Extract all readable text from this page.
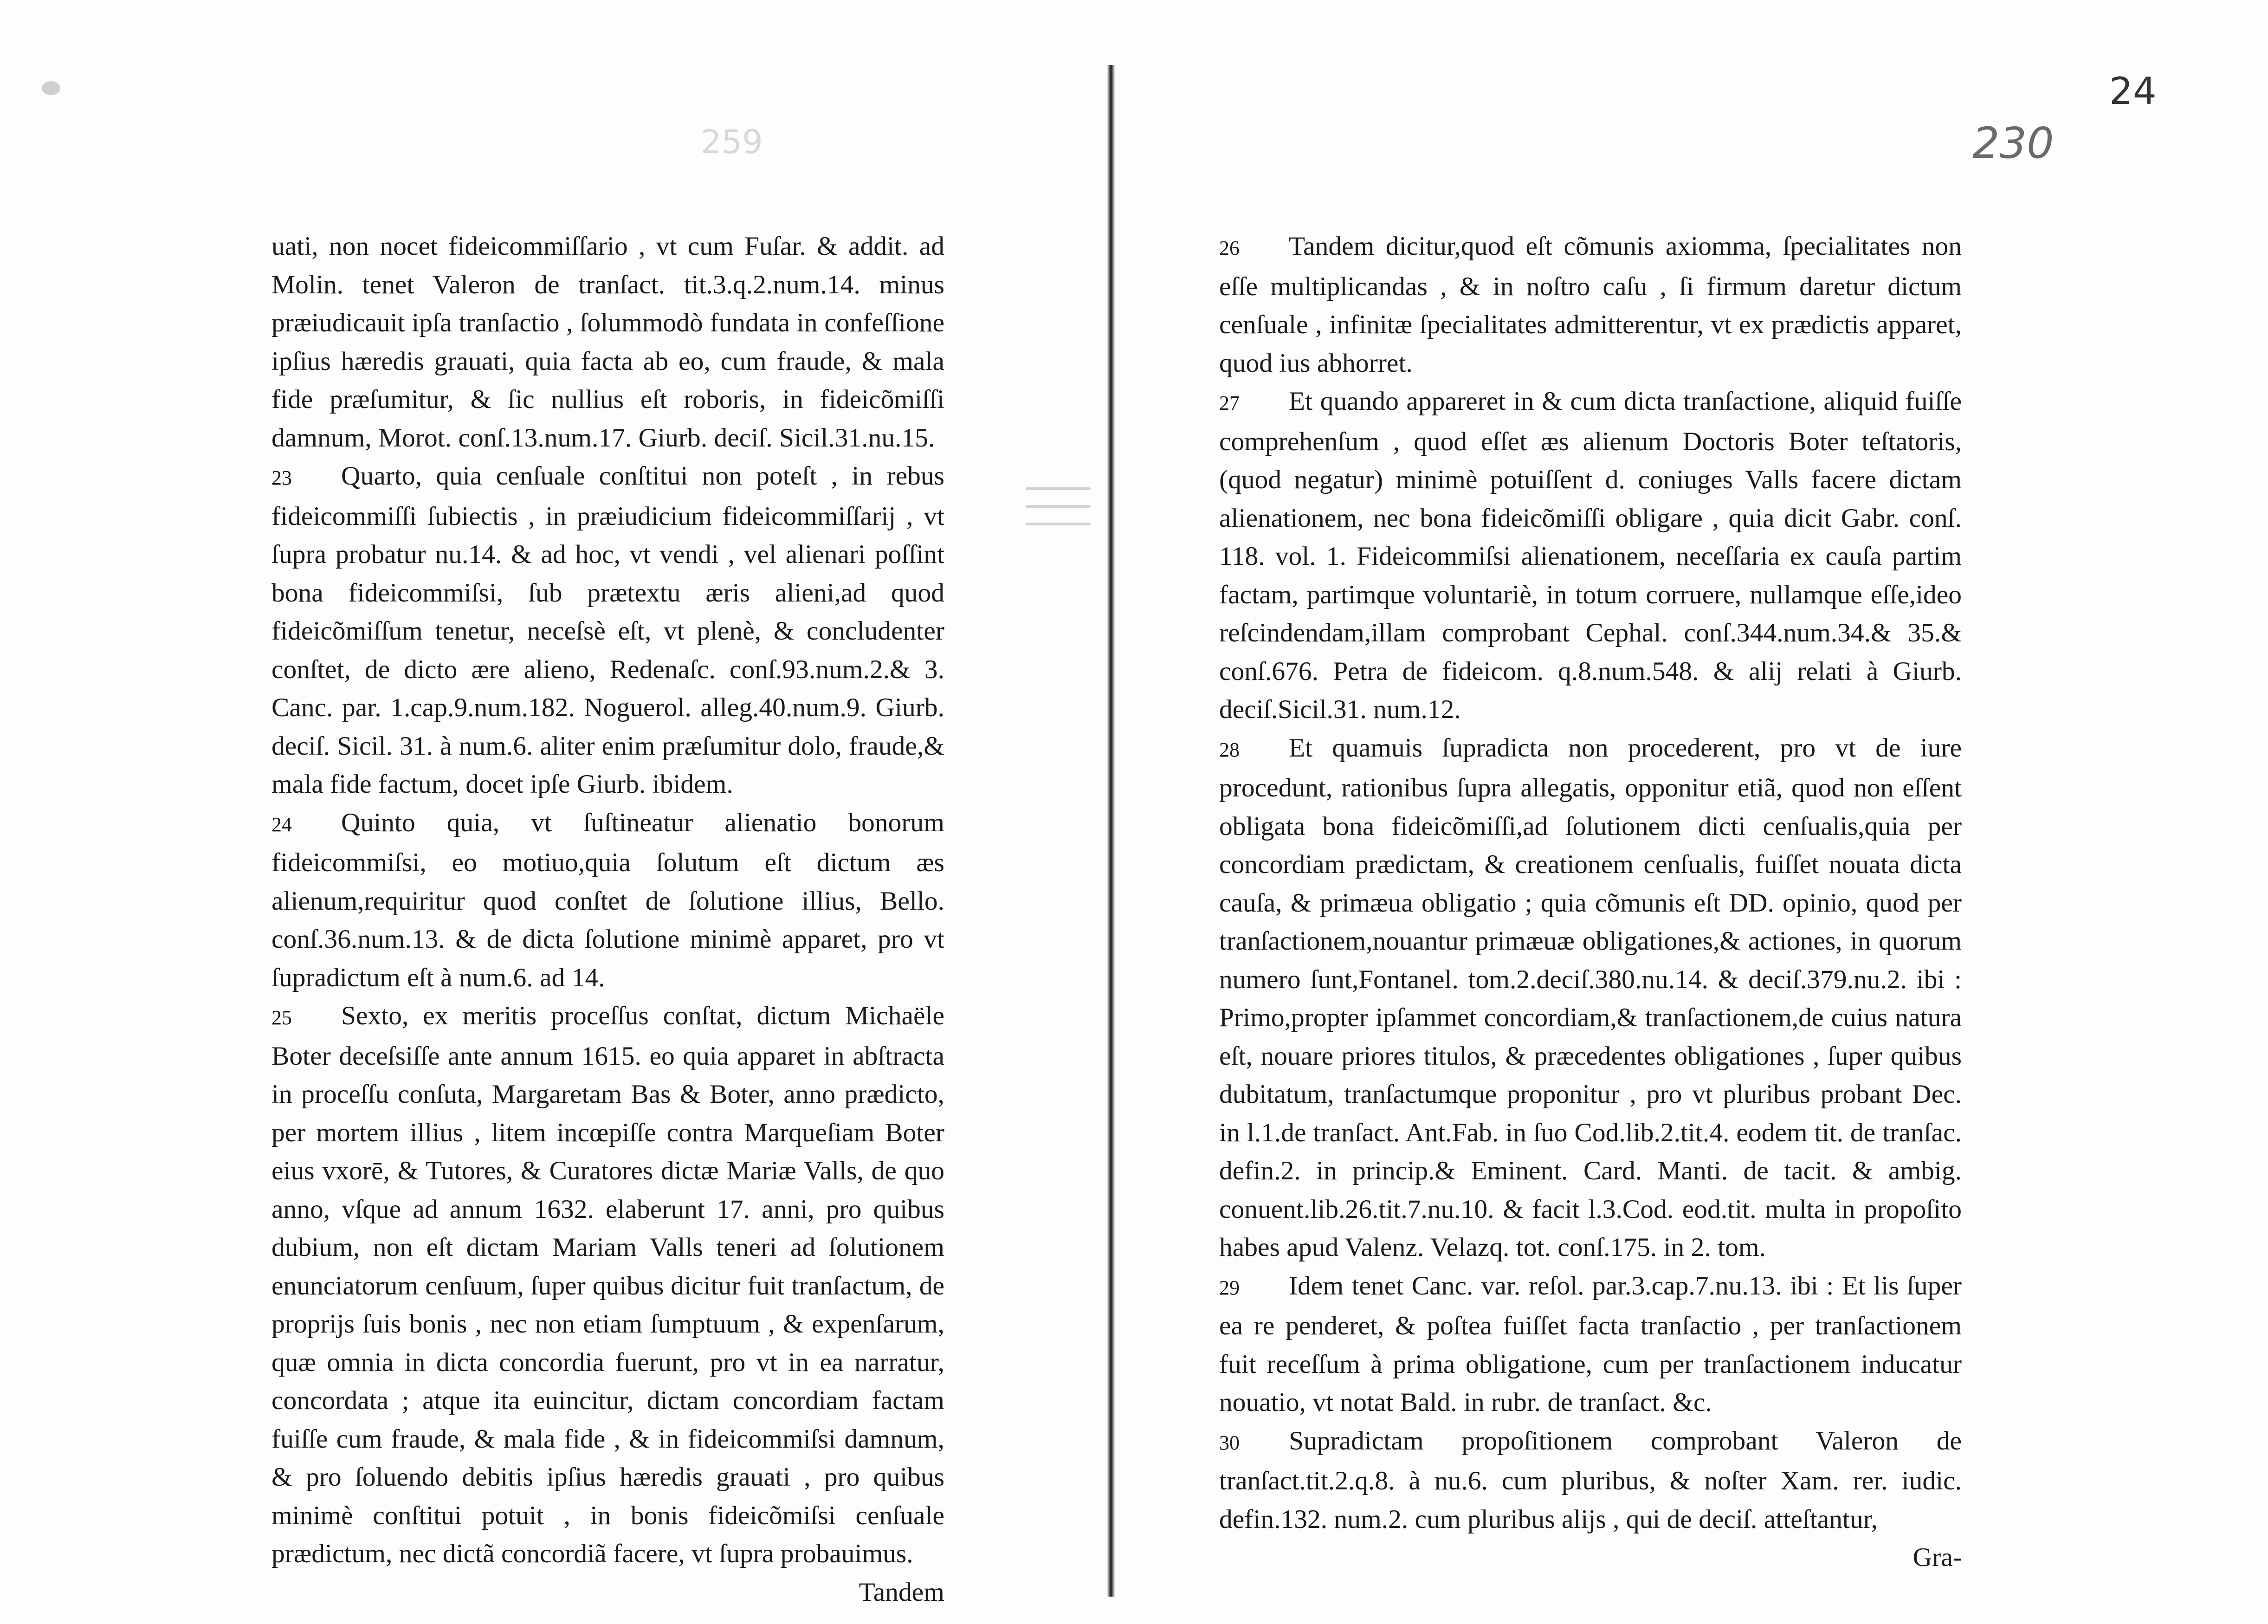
259

uati, non nocet fideicommiſſario , vt cum Fuſar. & addit. ad Molin. tenet Valeron de tranſact. tit.3.q.2.num.14. minus præiudicauit ipſa tranſactio , ſolummodò fundata in confeſſione ipſius hæredis grauati, quia facta ab eo, cum fraude, & mala fide præſumitur, & ſic nullius eſt roboris, in fideicõmiſſi damnum, Morot. conſ.13.num.17. Giurb. deciſ. Sicil.31.nu.15.

23 Quarto, quia cenſuale conſtitui non poteſt , in rebus fideicommiſſi ſubiectis , in præiudicium fideicommiſſarij , vt ſupra probatur nu.14. & ad hoc, vt vendi , vel alienari poſſint bona fideicommiſsi, ſub prætextu æris alieni,ad quod fideicõmiſſum tenetur, neceſsè eſt, vt plenè, & concludenter conſtet, de dicto ære alieno, Redenaſc. conſ.93.num.2.& 3. Canc. par. 1.cap.9.num.182. Noguerol. alleg.40.num.9. Giurb. deciſ. Sicil. 31. à num.6. aliter enim præſumitur dolo, fraude,& mala fide factum, docet ipſe Giurb. ibidem.

24 Quinto quia, vt ſuſtineatur alienatio bonorum fideicommiſsi, eo motiuo,quia ſolutum eſt dictum æs alienum,requiritur quod conſtet de ſolutione illius, Bello. conſ.36.num.13. & de dicta ſolutione minimè apparet, pro vt ſupradictum eſt à num.6. ad 14.

25 Sexto, ex meritis proceſſus conſtat, dictum Michaële Boter deceſsiſſe ante annum 1615. eo quia apparet in abſtracta in proceſſu conſuta, Margaretam Bas & Boter, anno prædicto, per mortem illius , litem incœpiſſe contra Marqueſiam Boter eius vxorē, & Tutores, & Curatores dictæ Mariæ Valls, de quo anno, vſque ad annum 1632. elaberunt 17. anni, pro quibus dubium, non eſt dictam Mariam Valls teneri ad ſolutionem enunciatorum cenſuum, ſuper quibus dicitur fuit tranſactum, de proprijs ſuis bonis , nec non etiam ſumptuum , & expenſarum, quæ omnia in dicta concordia fuerunt, pro vt in ea narratur, concordata ; atque ita euincitur, dictam concordiam factam fuiſſe cum fraude, & mala fide , & in fideicommiſsi damnum, & pro ſoluendo debitis ipſius hæredis grauati , pro quibus minimè conſtitui potuit , in bonis fideicõmiſsi cenſuale prædictum, nec dictã concordiã facere, vt ſupra probauimus.

Tandem

26 Tandem dicitur,quod eſt cõmunis axiomma, ſpecialitates non eſſe multiplicandas , & in noſtro caſu , ſi firmum daretur dictum cenſuale , infinitæ ſpecialitates admitterentur, vt ex prædictis apparet, quod ius abhorret.

27 Et quando appareret in & cum dicta tranſactione, aliquid fuiſſe comprehenſum , quod eſſet æs alienum Doctoris Boter teſtatoris,(quod negatur) minimè potuiſſent d. coniuges Valls facere dictam alienationem, nec bona fideicõmiſſi obligare , quia dicit Gabr. conſ. 118. vol. 1. Fideicommiſsi alienationem, neceſſaria ex cauſa partim factam, partimque voluntariè, in totum corruere, nullamque eſſe,ideo reſcindendam,illam comprobant Cephal. conſ.344.num.34.& 35.& conſ.676. Petra de fideicom. q.8.num.548. & alij relati à Giurb. deciſ.Sicil.31. num.12.

28 Et quamuis ſupradicta non procederent, pro vt de iure procedunt, rationibus ſupra allegatis, opponitur etiã, quod non eſſent obligata bona fideicõmiſſi,ad ſolutionem dicti cenſualis,quia per concordiam prædictam, & creationem cenſualis, fuiſſet nouata dicta cauſa, & primæua obligatio ; quia cõmunis eſt DD. opinio, quod per tranſactionem,nouantur primæuæ obligationes,& actiones, in quorum numero ſunt,Fontanel. tom.2.deciſ.380.nu.14. & deciſ.379.nu.2. ibi : Primo,propter ipſammet concordiam,& tranſactionem,de cuius natura eſt, nouare priores titulos, & præcedentes obligationes , ſuper quibus dubitatum, tranſactumque proponitur , pro vt pluribus probant Dec. in l.1.de tranſact. Ant.Fab. in ſuo Cod.lib.2.tit.4. eodem tit. de tranſac. defin.2. in princip.& Eminent. Card. Manti. de tacit. & ambig. conuent.lib.26.tit.7.nu.10. & facit l.3.Cod. eod.tit. multa in propoſito habes apud Valenz. Velazq. tot. conſ.175. in 2. tom.

29 Idem tenet Canc. var. reſol. par.3.cap.7.nu.13. ibi : Et lis ſuper ea re penderet, & poſtea fuiſſet facta tranſactio , per tranſactionem fuit receſſum à prima obligatione, cum per tranſactionem inducatur nouatio, vt notat Bald. in rubr. de tranſact. &c.

30 Supradictam propoſitionem comprobant Valeron de tranſact.tit.2.q.8. à nu.6. cum pluribus, & noſter Xam. rer. iudic. defin.132. num.2. cum pluribus alijs , qui de deciſ. atteſtantur,

Gra-

24
230
